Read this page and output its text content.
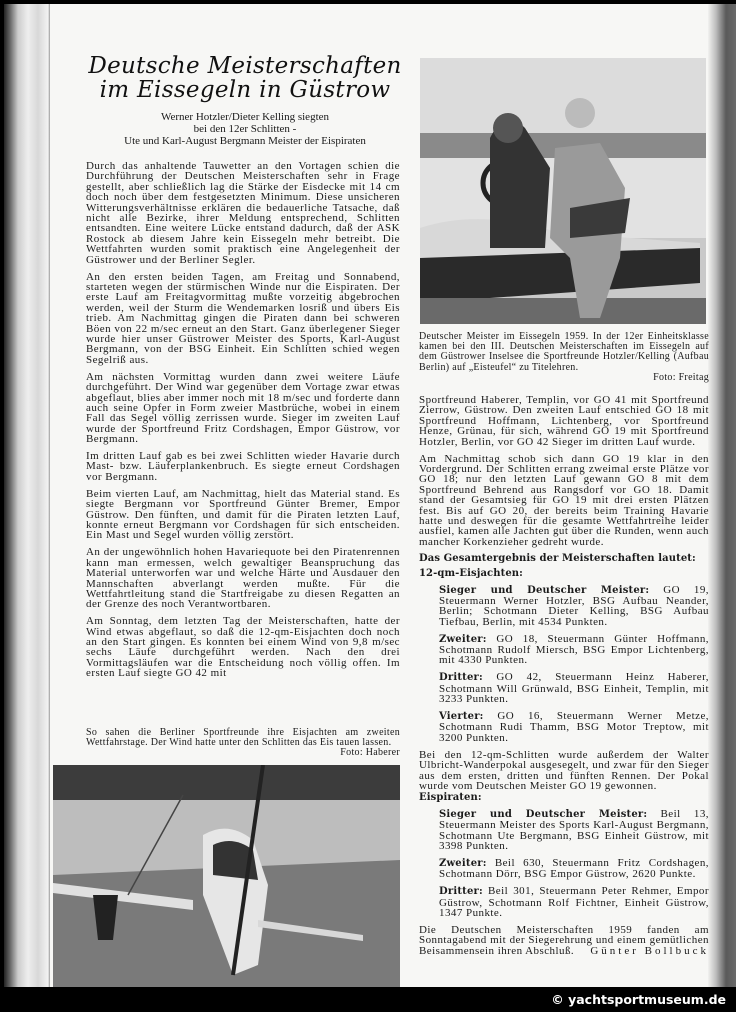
Deutsche Meisterschaften
im Eissegeln in Güstrow
Werner Hotzler/Dieter Kelling siegten
bei den 12er Schlitten -
Ute und Karl-August Bergmann Meister der Eispiraten

Durch das anhaltende Tauwetter an den Vortagen schien die Durchführung der Deutschen Meisterschaften sehr in Frage gestellt, aber schließlich lag die Stärke der Eisdecke mit 14 cm doch noch über dem festgesetzten Minimum. Diese unsicheren Witterungsverhältnisse erklären die bedauerliche Tatsache, daß nicht alle Bezirke, ihrer Meldung entsprechend, Schlitten entsandten. Eine weitere Lücke entstand dadurch, daß der ASK Rostock ab diesem Jahre kein Eissegeln mehr betreibt. Die Wettfahrten wurden somit praktisch eine Angelegenheit der Güstrower und der Berliner Segler.

An den ersten beiden Tagen, am Freitag und Sonnabend, starteten wegen der stürmischen Winde nur die Eispiraten. Der erste Lauf am Freitagvormittag mußte vorzeitig abgebrochen werden, weil der Sturm die Wendemarken losriß und übers Eis trieb. Am Nachmittag gingen die Piraten dann bei schweren Böen von 22 m/sec erneut an den Start. Ganz überlegener Sieger wurde hier unser Güstrower Meister des Sports, Karl-August Bergmann, von der BSG Einheit. Ein Schlitten schied wegen Segelriß aus.

Am nächsten Vormittag wurden dann zwei weitere Läufe durchgeführt. Der Wind war gegenüber dem Vortage zwar etwas abgeflaut, blies aber immer noch mit 18 m/sec und forderte dann auch seine Opfer in Form zweier Mastbrüche, wobei in einem Fall das Segel völlig zerrissen wurde. Sieger im zweiten Lauf wurde der Sportfreund Fritz Cordshagen, Empor Güstrow, vor Bergmann.

Im dritten Lauf gab es bei zwei Schlitten wieder Havarie durch Mast- bzw. Läuferplankenbruch. Es siegte erneut Cordshagen vor Bergmann.

Beim vierten Lauf, am Nachmittag, hielt das Material stand. Es siegte Bergmann vor Sportfreund Günter Bremer, Empor Güstrow. Den fünften, und damit für die Piraten letzten Lauf, konnte erneut Bergmann vor Cordshagen für sich entscheiden. Ein Mast und Segel wurden völlig zerstört.

An der ungewöhnlich hohen Havariequote bei den Piratenrennen kann man ermessen, welch gewaltiger Beanspruchung das Material unterworfen war und welche Härte und Ausdauer den Mannschaften abverlangt werden mußte. Für die Wettfahrtleitung stand die Startfreigabe zu diesen Regatten an der Grenze des noch Verantwortbaren.

Am Sonntag, dem letzten Tag der Meisterschaften, hatte der Wind etwas abgeflaut, so daß die 12-qm-Eisjachten doch noch an den Start gingen. Es konnten bei einem Wind von 9,8 m/sec sechs Läufe durchgeführt werden. Nach den drei Vormittagsläufen war die Entscheidung noch völlig offen. Im ersten Lauf siegte GO 42 mit

So sahen die Berliner Sportfreunde ihre Eisjachten am zweiten Wettfahrstage. Der Wind hatte unter den Schlitten das Eis tauen lassen.
Foto: Haberer
Deutscher Meister im Eissegeln 1959. In der 12er Einheitsklasse kamen bei den III. Deutschen Meisterschaften im Eissegeln auf dem Güstrower Inselsee die Sportfreunde Hotzler/Kelling (Aufbau Berlin) auf „Eisteufel“ zu Titelehren.
Foto: Freitag

Sportfreund Haberer, Templin, vor GO 41 mit Sportfreund Zierrow, Güstrow. Den zweiten Lauf entschied GO 18 mit Sportfreund Hoffmann, Lichtenberg, vor Sportfreund Henze, Grünau, für sich, während GO 19 mit Sportfreund Hotzler, Berlin, vor GO 42 Sieger im dritten Lauf wurde.

Am Nachmittag schob sich dann GO 19 klar in den Vordergrund. Der Schlitten errang zweimal erste Plätze vor GO 18; nur den letzten Lauf gewann GO 8 mit dem Sportfreund Behrend aus Rangsdorf vor GO 18. Damit stand der Gesamtsieg für GO 19 mit drei ersten Plätzen fest. Bis auf GO 20, der bereits beim Training Havarie hatte und deswegen für die gesamte Wettfahrtreihe leider ausfiel, kamen alle Jachten gut über die Runden, wenn auch mancher Korkenzieher gedreht wurde.

Das Gesamtergebnis der Meisterschaften lautet:

12-qm-Eisjachten:

Sieger und Deutscher Meister: GO 19, Steuermann Werner Hotzler, BSG Aufbau Neander, Berlin; Schotmann Dieter Kelling, BSG Aufbau Tiefbau, Berlin, mit 4534 Punkten.

Zweiter: GO 18, Steuermann Günter Hoffmann, Schotmann Rudolf Miersch, BSG Empor Lichtenberg, mit 4330 Punkten.

Dritter: GO 42, Steuermann Heinz Haberer, Schotmann Will Grünwald, BSG Einheit, Templin, mit 3233 Punkten.

Vierter: GO 16, Steuermann Werner Metze, Schotmann Rudi Thamm, BSG Motor Treptow, mit 3200 Punkten.

Bei den 12-qm-Schlitten wurde außerdem der Walter Ulbricht-Wanderpokal ausgesegelt, und zwar für den Sieger aus dem ersten, dritten und fünften Rennen. Der Pokal wurde vom Deutschen Meister GO 19 gewonnen.

Eispiraten:

Sieger und Deutscher Meister: Beil 13, Steuermann Meister des Sports Karl-August Bergmann, Schotmann Ute Bergmann, BSG Einheit Güstrow, mit 3398 Punkten.

Zweiter: Beil 630, Steuermann Fritz Cordshagen, Schotmann Dörr, BSG Empor Güstrow, 2620 Punkte.

Dritter: Beil 301, Steuermann Peter Rehmer, Empor Güstrow, Schotmann Rolf Fichtner, Einheit Güstrow, 1347 Punkte.

Die Deutschen Meisterschaften 1959 fanden am Sonntagabend mit der Siegerehrung und einem gemütlichen Beisammensein ihren Abschluß. Günter Bollbuck

© yachtsportmuseum.de
